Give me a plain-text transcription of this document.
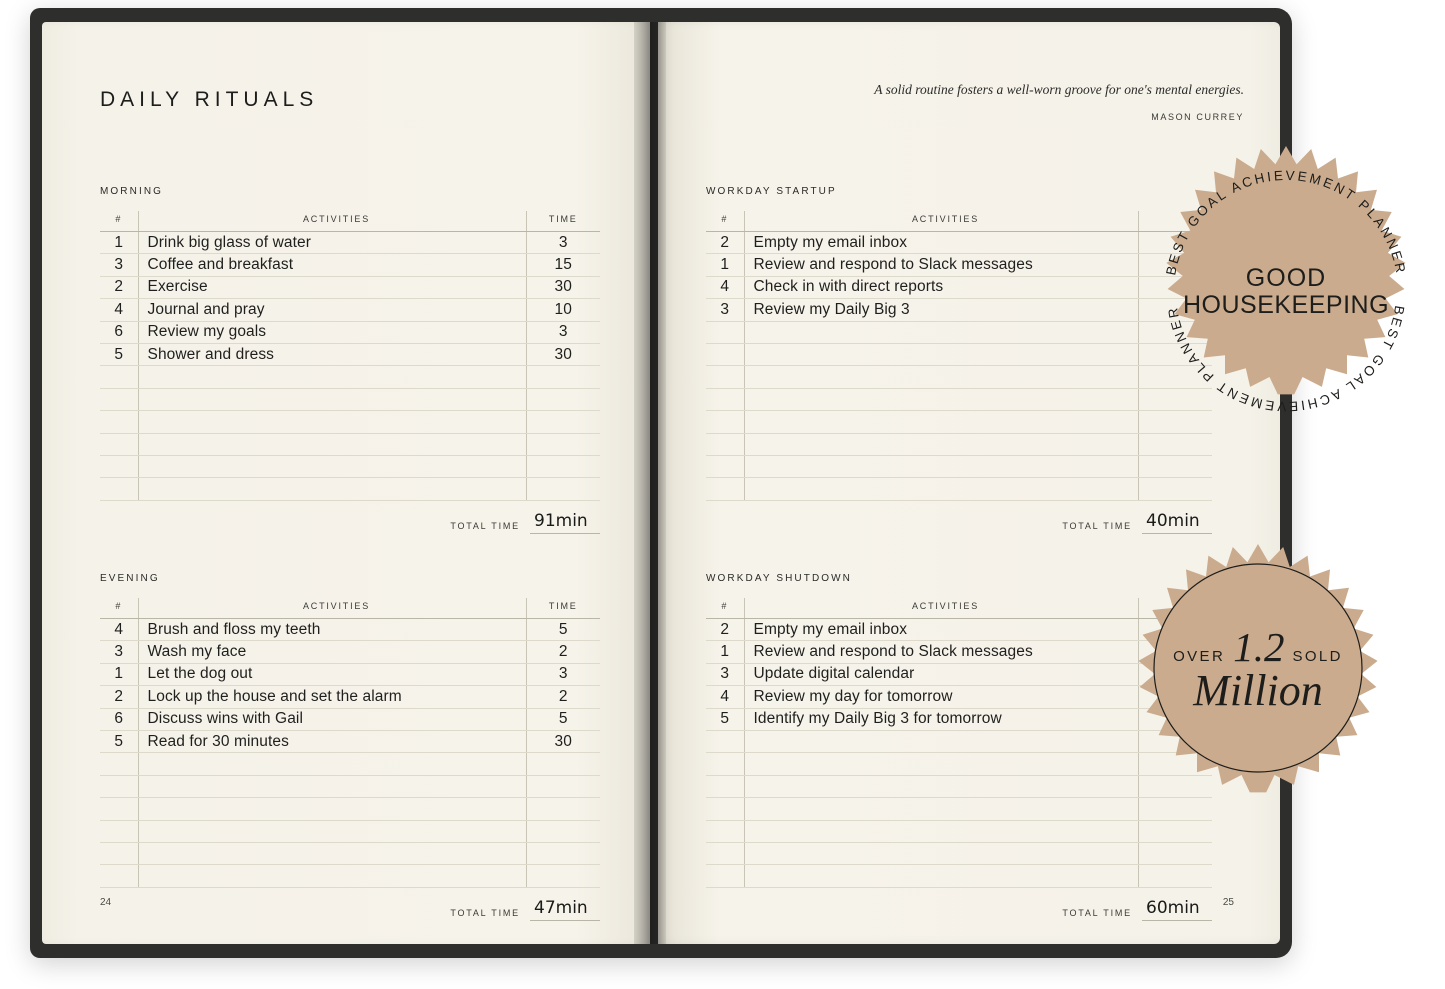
DAILY RITUALS
MORNING
#	ACTIVITIES	TIME
1	Drink big glass of water	3
3	Coffee and breakfast	15
2	Exercise	30
4	Journal and pray	10
6	Review my goals	3
5	Shower and dress	30

TOTAL TIME 91min
EVENING
#	ACTIVITIES	TIME
4	Brush and floss my teeth	5
3	Wash my face	2
1	Let the dog out	3
2	Lock up the house and set the alarm	2
6	Discuss wins with Gail	5
5	Read for 30 minutes	30

TOTAL TIME 47min
24
A solid routine fosters a well-worn groove for one's mental energies.
MASON CURREY
WORKDAY STARTUP
#	ACTIVITIES	
2	Empty my email inbox	
1	Review and respond to Slack messages	
4	Check in with direct reports	
3	Review my Daily Big 3	

TOTAL TIME 40min
WORKDAY SHUTDOWN
#	ACTIVITIES	
2	Empty my email inbox	
1	Review and respond to Slack messages	
3	Update digital calendar	
4	Review my day for tomorrow	
5	Identify my Daily Big 3 for tomorrow	

TOTAL TIME 60min	25
BEST GOAL ACHIEVEMENT PLANNER
BEST GOAL ACHIEVEMENT PLANNER
GOOD
HOUSEKEEPING
OVER 1.2 SOLD
Million
